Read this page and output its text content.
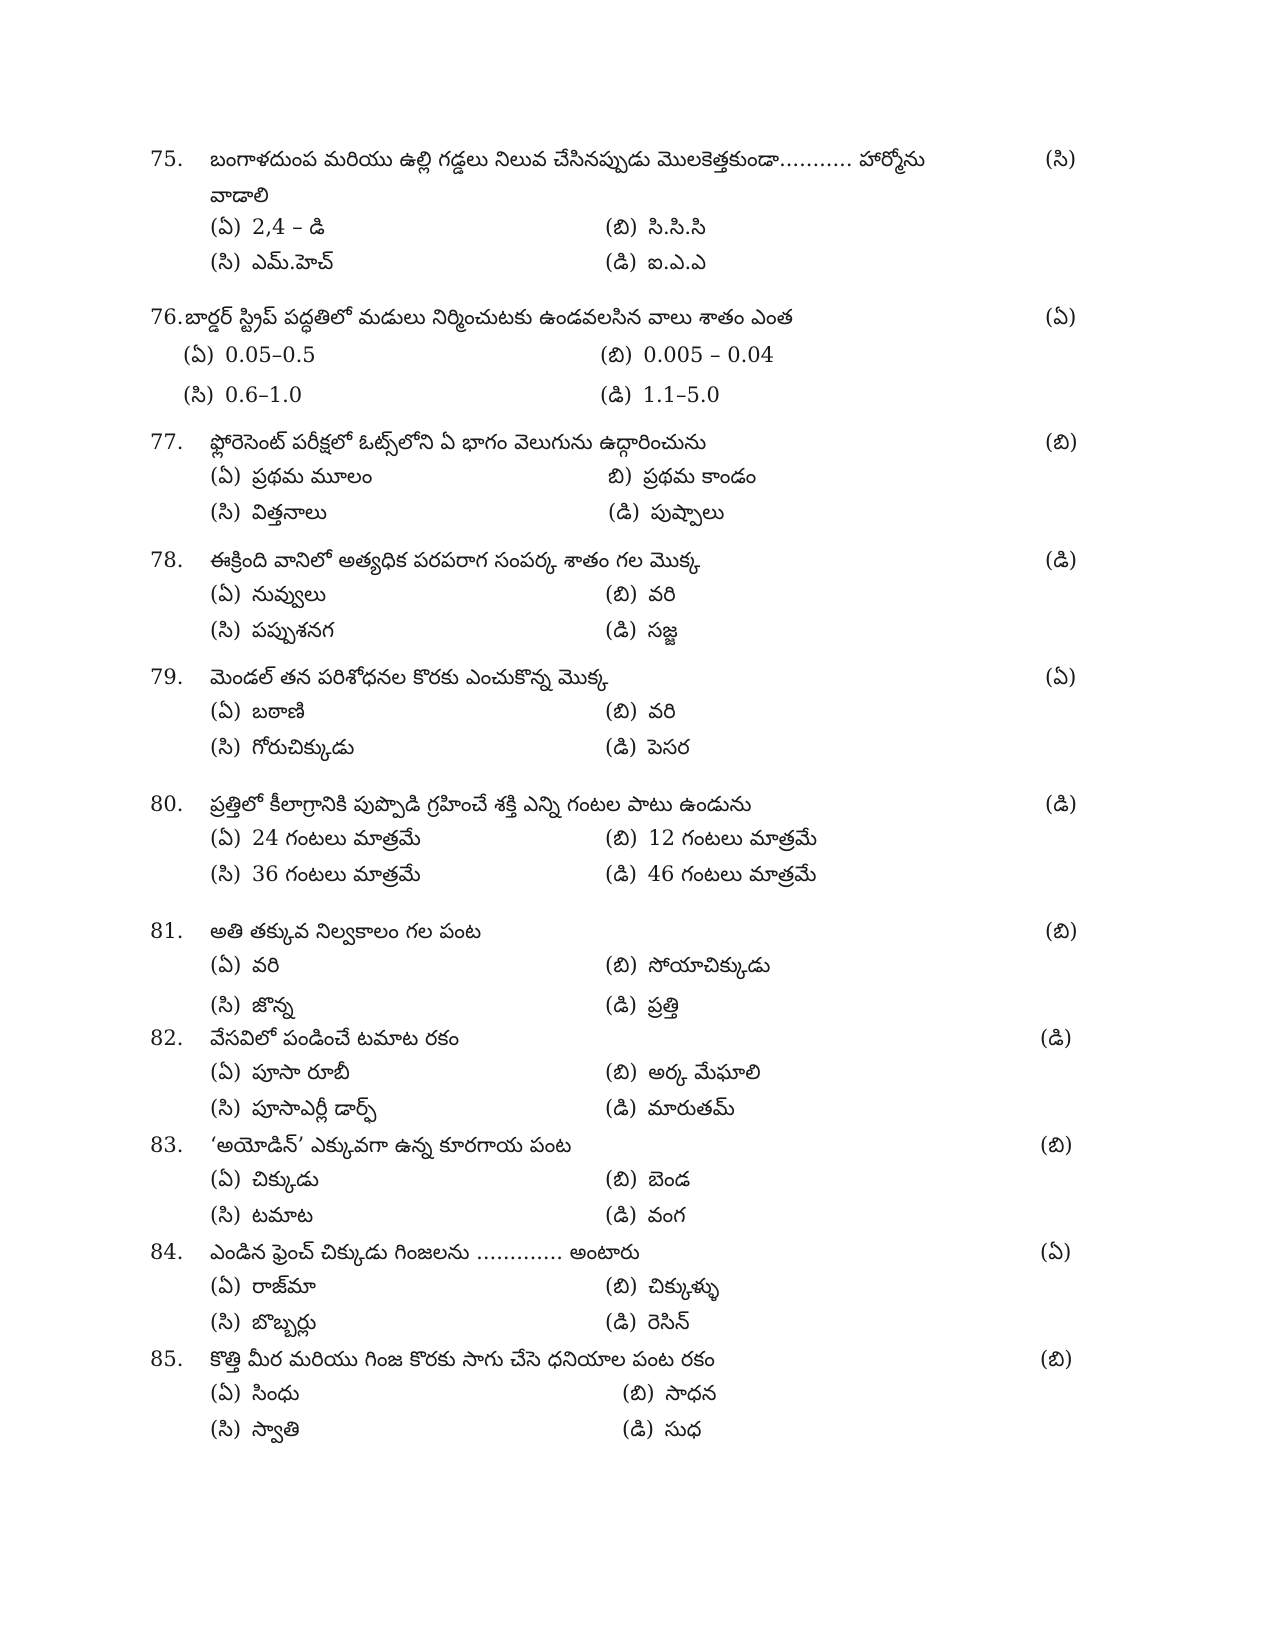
75. బంగాళదుంప మరియు ఉల్లి గడ్డలు నిలువ చేసినప్పుడు మొలకెత్తకుండా........... హార్మోను వాడాలి
(సి)
(ఏ) 2,4 – డి	(బి) సి.సి.సి
(సి) ఎమ్.హెచ్	(డి) ఐ.ఎ.ఎ
76. బార్డర్ స్ట్రిప్ పద్ధతిలో మడులు నిర్మించుటకు ఉండవలసిన వాలు శాతం ఎంత	(ఏ)
(ఏ) 0.05–0.5	(బి) 0.005 – 0.04
(సి) 0.6–1.0	(డి) 1.1–5.0
77. ఫ్లోరెసెంట్ పరీక్షలో ఓట్స్‌లోని ఏ భాగం వెలుగును ఉద్గారించును	(బి)
(ఏ) ప్రథమ మూలం	బి) ప్రథమ కాండం
(సి) విత్తనాలు	(డి) పుష్పాలు
78. ఈక్రింది వానిలో అత్యధిక పరపరాగ సంపర్క శాతం గల మొక్క	(డి)
(ఏ) నువ్వులు	(బి) వరి
(సి) పప్పుశనగ	(డి) సజ్జ
79. మెండల్ తన పరిశోధనల కొరకు ఎంచుకొన్న మొక్క	(ఏ)
(ఏ) బఠాణి	(బి) వరి
(సి) గోరుచిక్కుడు	(డి) పెసర
80. ప్రత్తిలో కీలాగ్రానికి పుప్పొడి గ్రహించే శక్తి ఎన్ని గంటల పాటు ఉండును	(డి)
(ఏ) 24 గంటలు మాత్రమే	(బి) 12 గంటలు మాత్రమే
(సి) 36 గంటలు మాత్రమే	(డి) 46 గంటలు మాత్రమే
81. అతి తక్కువ నిల్వకాలం గల పంట	(బి)
(ఏ) వరి	(బి) సోయాచిక్కుడు
(సి) జొన్న	(డి) ప్రత్తి
82. వేసవిలో పండించే టమాట రకం	(డి)
(ఏ) పూసా రూబీ	(బి) అర్క మేఘాలి
(సి) పూసాఎర్లీ డార్ఫ్	(డి) మారుతమ్
83. ‘అయోడిన్’ ఎక్కువగా ఉన్న కూరగాయ పంట	(బి)
(ఏ) చిక్కుడు	(బి) బెండ
(సి) టమాట	(డి) వంగ
84. ఎండిన ఫ్రెంచ్ చిక్కుడు గింజలను ............. అంటారు	(ఏ)
(ఏ) రాజ్‌మా	(బి) చిక్కుళ్ళు
(సి) బొబ్బర్లు	(డి) రెసిన్
85. కొత్తి మీర మరియు గింజ కొరకు సాగు చేసె ధనియాల పంట రకం	(బి)
(ఏ) సింధు	(బి) సాధన
(సి) స్వాతి	(డి) సుధ
